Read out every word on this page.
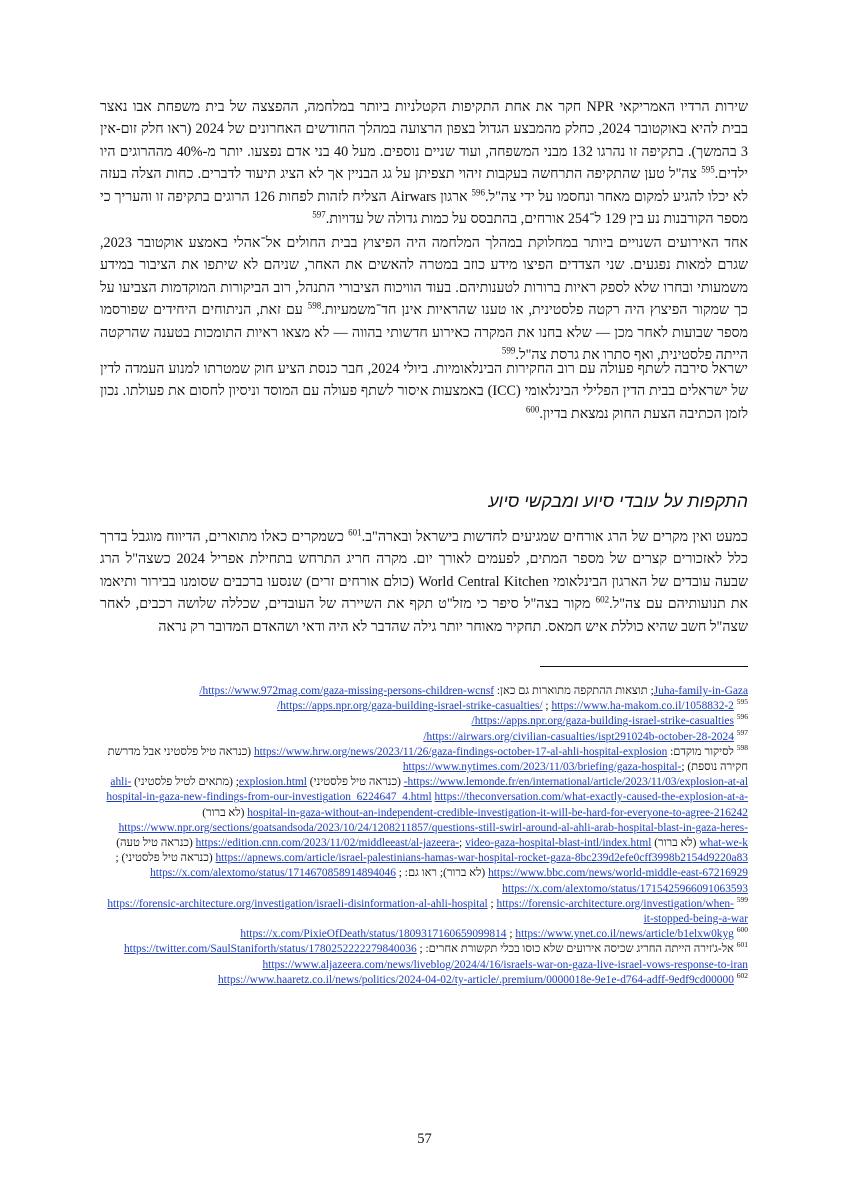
שירות הרדיו האמריקאי NPR חקר את אחת התקיפות הקטלניות ביותר במלחמה, ההפצצה של בית משפחת אבו נאצר בבית להיא באוקטובר 2024, כחלק מהמבצע הגדול בצפון הרצועה במהלך החודשים האחרונים של 2024 (ראו חלק זום-אין 3 בהמשך). בתקיפה זו נהרגו 132 מבני המשפחה, ועוד שניים נוספים. מעל 40 בני אדם נפצעו. יותר מ-40% מההרוגים היו ילדים.$^{595}$ צה"ל טען שהתקיפה התרחשה בעקבות זיהוי תצפיתן על גג הבניין אך לא הציג תיעוד לדברים. כחות הצלה בעזה לא יכלו להגיע למקום מאחר ונחסמו על ידי צה"ל.$^{596}$ ארגון Airwars הצליח לזהות לפחות 126 הרוגים בתקיפה זו והעריך כי מספר הקורבנות נע בין 129 ל־254 אורחים, בהתבסס על כמות גדולה של עדויות.$^{597}$

אחד האירועים השנויים ביותר במחלוקת במהלך המלחמה היה הפיצוץ בבית החולים אל־אהלי באמצע אוקטובר 2023, שגרם למאות נפגעים. שני הצדדים הפיצו מידע כוזב במטרה להאשים את האחר, שניהם לא שיתפו את הציבור במידע משמעותי ובחרו שלא לספק ראיות ברורות לטענותיהם. בעוד הוויכוח הציבורי התנהל, רוב הביקורות המוקדמות הצביעו על כך שמקור הפיצוץ היה רקטה פלסטינית, או טענו שהראיות אינן חד־משמעיות.$^{598}$ עם זאת, הניתוחים היחידים שפורסמו מספר שבועות לאחר מכן — שלא בחנו את המקרה כאירוע חדשותי בהווה — לא מצאו ראיות התומכות בטענה שהרקטה הייתה פלסטינית, ואף סתרו את גרסת צה"ל.$^{599}$

ישראל סירבה לשתף פעולה עם רוב החקירות הבינלאומיות. ביולי 2024, חבר כנסת הציע חוק שמטרתו למנוע העמדה לדין של ישראלים בבית הדין הפלילי הבינלאומי (ICC) באמצעות איסור לשתף פעולה עם המוסד וניסיון לחסום את פעולתו. נכון לזמן הכתיבה הצעת החוק נמצאת בדיון.$^{600}$

התקפות על עובדי סיוע ומבקשי סיוע

כמעט ואין מקרים של הרג אורחים שמגיעים לחדשות בישראל ובארה"ב.$^{601}$ כשמקרים כאלו מתוארים, הדיווח מוגבל בדרך כלל לאזכורים קצרים של מספר המתים, לפעמים לאורך יום. מקרה חריג התרחש בתחילת אפריל 2024 כשצה"ל הרג שבעה עובדים של הארגון הבינלאומי World Central Kitchen (כולם אורחים זרים) שנסעו ברכבים שסומנו בבירור ותיאמו את תנועותיהם עם צה"ל.$^{602}$ מקור בצה"ל סיפר כי מזל"ט תקף את השיירה של העובדים, שכללה שלושה רכבים, לאחר שצה"ל חשב שהיא כוללת איש חמאס. תחקיר מאוחר יותר גילה שהדבר לא היה ודאי ושהאדם המדובר רק נראה

Juha-family-in-Gaza; תוצאות ההתקפה מתוארות גם כאן: https://www.972mag.com/gaza-missing-persons-children-wcnsf/

$^{595}$ https://apps.npr.org/gaza-building-israel-strike-casualties/ ; https://www.ha-makom.co.il/1058832-2/

$^{596}$ https://apps.npr.org/gaza-building-israel-strike-casualties/

$^{597}$ https://airwars.org/civilian-casualties/ispt291024b-october-28-2024/

$^{598}$ לסיקור מוקדם: https://www.hrw.org/news/2023/11/26/gaza-findings-october-17-al-ahli-hospital-explosion (כנראה טיל פלסטיני אבל מדרשת חקירה נוספת) https://www.nytimes.com/2023/11/03/briefing/gaza-hospital-; https://www.lemonde.fr/en/international/article/2023/11/03/explosion-at-al- (כנראה טיל פלסטיני) explosion.html; (מתאים לטיל פלסטיני) ahli-hospital-in-gaza-new-findings-from-our-investigation_6224647_4.html https://theconversation.com/what-exactly-caused-the-explosion-at-a-hospital-in-gaza-without-an-independent-credible-investigation-it-will-be-hard-for-everyone-to-agree-216242 (לא ברור) https://www.npr.org/sections/goatsandsoda/2023/10/24/1208211857/questions-still-swirl-around-al-ahli-arab-hospital-blast-in-gaza-heres-what-we-k (לא ברור) https://edition.cnn.com/2023/11/02/middleeast/al-jazeera-; video-gaza-hospital-blast-intl/index.html (כנראה טיל טעה) https://apnews.com/article/israel-palestinians-hamas-war-hospital-rocket-gaza-8bc239d2efe0cff3998b2154d9220a83 (כנראה טיל פלסטיני) ; https://www.bbc.com/news/world-middle-east-67216929 (לא ברור); ראו גם: https://x.com/alextomo/status/1714670858914894046 ; https://x.com/alextomo/status/1715425966091063593

$^{599}$ https://forensic-architecture.org/investigation/israeli-disinformation-al-ahli-hospital ; https://forensic-architecture.org/investigation/when-it-stopped-being-a-war

$^{600}$ https://x.com/PixieOfDeath/status/1809317160659099814 ; https://www.ynet.co.il/news/article/b1elxw0kyg

$^{601}$ אל-ג'זירה הייתה החריג שכיסה אירועים שלא כוסו בכלי תקשורת אחרים: https://twitter.com/SaulStaniforth/status/1780252222279840036 ; https://www.aljazeera.com/news/liveblog/2024/4/16/israels-war-on-gaza-live-israel-vows-response-to-iran

$^{602}$ https://www.haaretz.co.il/news/politics/2024-04-02/ty-article/.premium/0000018e-9e1e-d764-adff-9edf9cd00000

57
